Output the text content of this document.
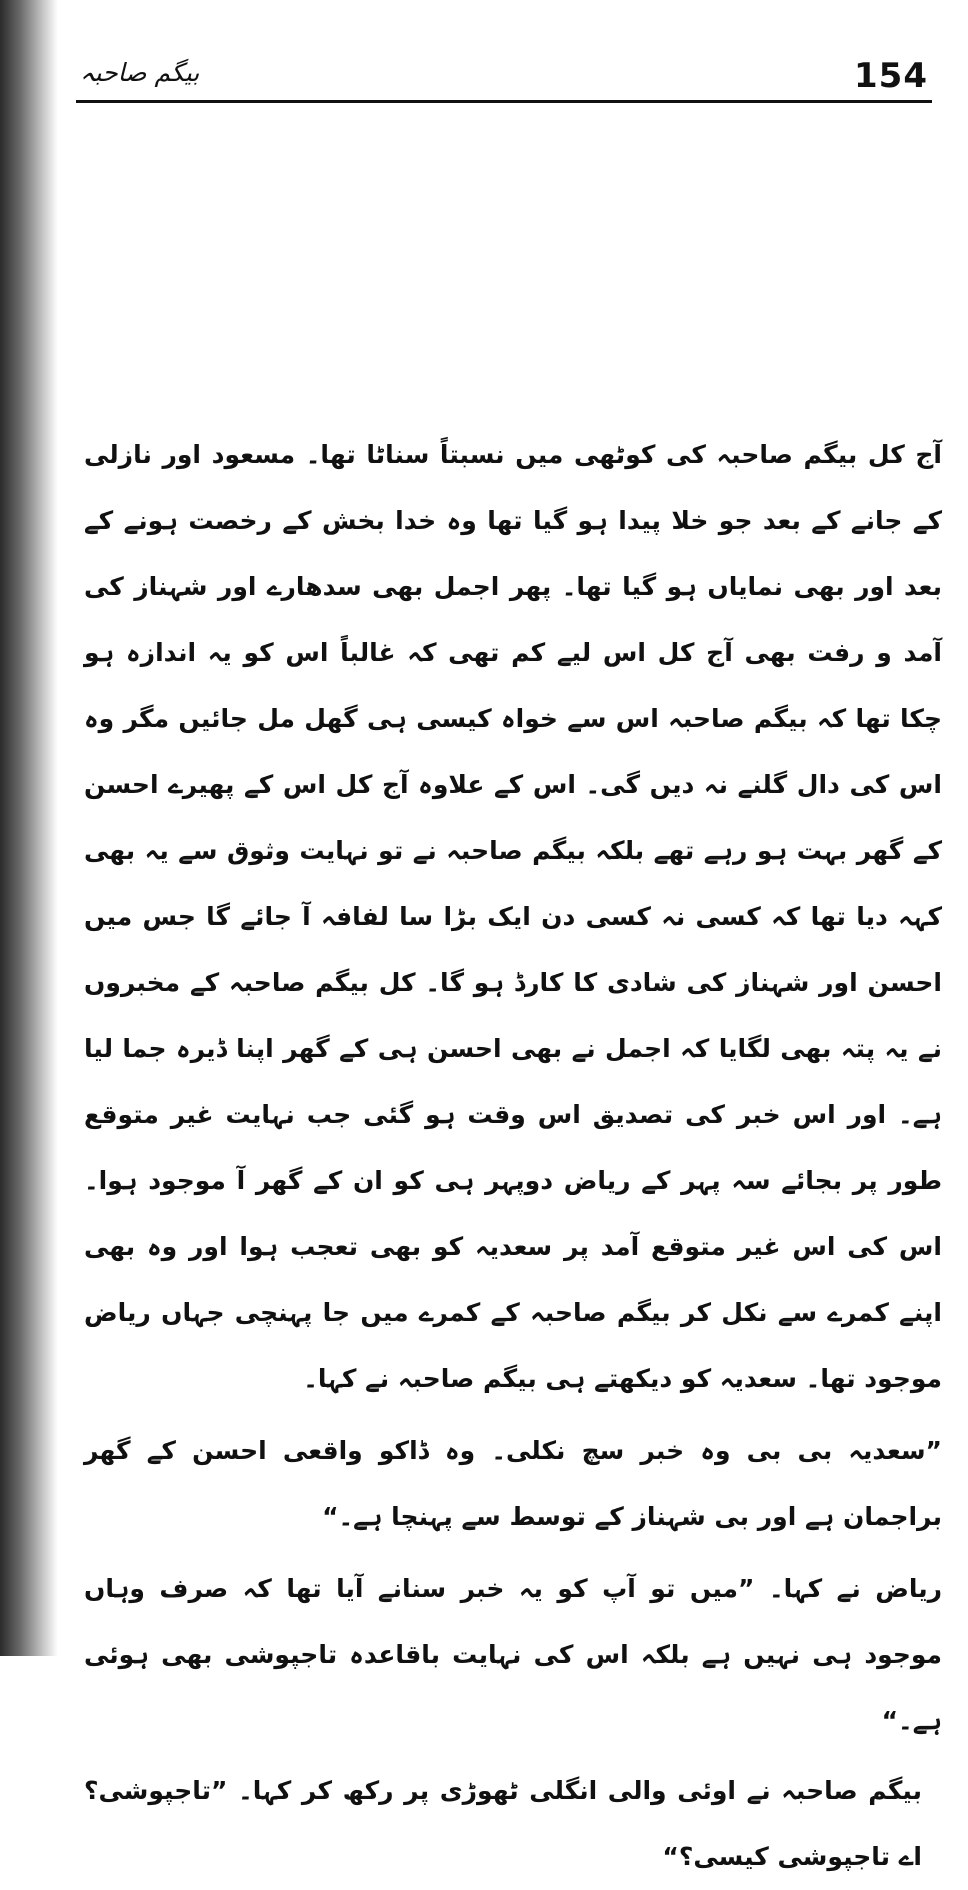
بیگم صاحبہ	154

آج کل بیگم صاحبہ کی کوٹھی میں نسبتاً سناٹا تھا۔ مسعود اور نازلی کے جانے کے بعد جو خلا پیدا ہو گیا تھا وہ خدا بخش کے رخصت ہونے کے بعد اور بھی نمایاں ہو گیا تھا۔ پھر اجمل بھی سدھارے اور شہناز کی آمد و رفت بھی آج کل اس لیے کم تھی کہ غالباً اس کو یہ اندازہ ہو چکا تھا کہ بیگم صاحبہ اس سے خواہ کیسی ہی گھل مل جائیں مگر وہ اس کی دال گلنے نہ دیں گی۔ اس کے علاوہ آج کل اس کے پھیرے احسن کے گھر بہت ہو رہے تھے بلکہ بیگم صاحبہ نے تو نہایت وثوق سے یہ بھی کہہ دیا تھا کہ کسی نہ کسی دن ایک بڑا سا لفافہ آ جائے گا جس میں احسن اور شہناز کی شادی کا کارڈ ہو گا۔ کل بیگم صاحبہ کے مخبروں نے یہ پتہ بھی لگایا کہ اجمل نے بھی احسن ہی کے گھر اپنا ڈیرہ جما لیا ہے۔ اور اس خبر کی تصدیق اس وقت ہو گئی جب نہایت غیر متوقع طور پر بجائے سہ پہر کے ریاض دوپہر ہی کو ان کے گھر آ موجود ہوا۔ اس کی اس غیر متوقع آمد پر سعدیہ کو بھی تعجب ہوا اور وہ بھی اپنے کمرے سے نکل کر بیگم صاحبہ کے کمرے میں جا پہنچی جہاں ریاض موجود تھا۔ سعدیہ کو دیکھتے ہی بیگم صاحبہ نے کہا۔

”سعدیہ بی بی وہ خبر سچ نکلی۔ وہ ڈاکو واقعی احسن کے گھر براجمان ہے اور بی شہناز کے توسط سے پہنچا ہے۔“

ریاض نے کہا۔ ”میں تو آپ کو یہ خبر سنانے آیا تھا کہ صرف وہاں موجود ہی نہیں ہے بلکہ اس کی نہایت باقاعدہ تاجپوشی بھی ہوئی ہے۔“

بیگم صاحبہ نے اوئی والی انگلی ٹھوڑی پر رکھ کر کہا۔ ”تاجپوشی؟ اے تاجپوشی کیسی؟“
